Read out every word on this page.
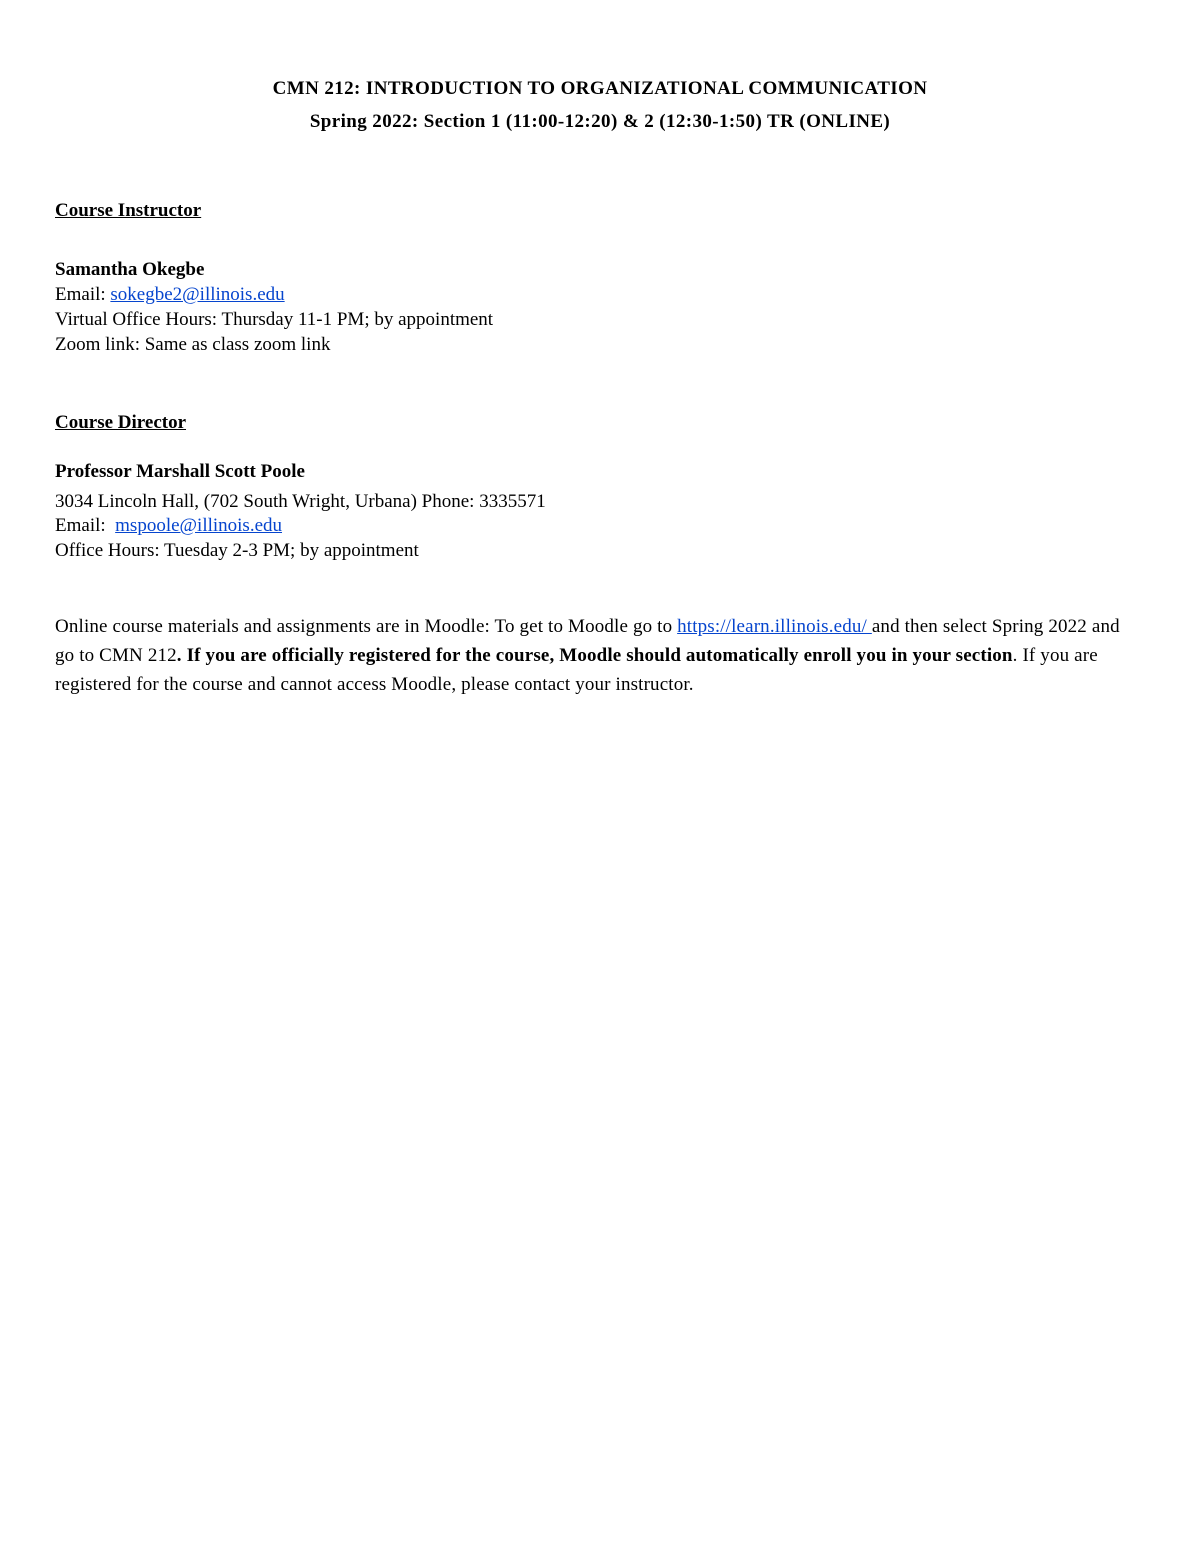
CMN 212: INTRODUCTION TO ORGANIZATIONAL COMMUNICATION
Spring 2022: Section 1 (11:00-12:20) & 2 (12:30-1:50) TR (ONLINE)
Course Instructor
Samantha Okegbe
Email: sokegbe2@illinois.edu
Virtual Office Hours: Thursday 11-1 PM; by appointment
Zoom link: Same as class zoom link
Course Director
Professor Marshall Scott Poole
3034 Lincoln Hall, (702 South Wright, Urbana) Phone: 3335571
Email:  mspoole@illinois.edu
Office Hours: Tuesday 2-3 PM; by appointment
Online course materials and assignments are in Moodle: To get to Moodle go to https://learn.illinois.edu/ and then select Spring 2022 and go to CMN 212. If you are officially registered for the course, Moodle should automatically enroll you in your section. If you are registered for the course and cannot access Moodle, please contact your instructor.
